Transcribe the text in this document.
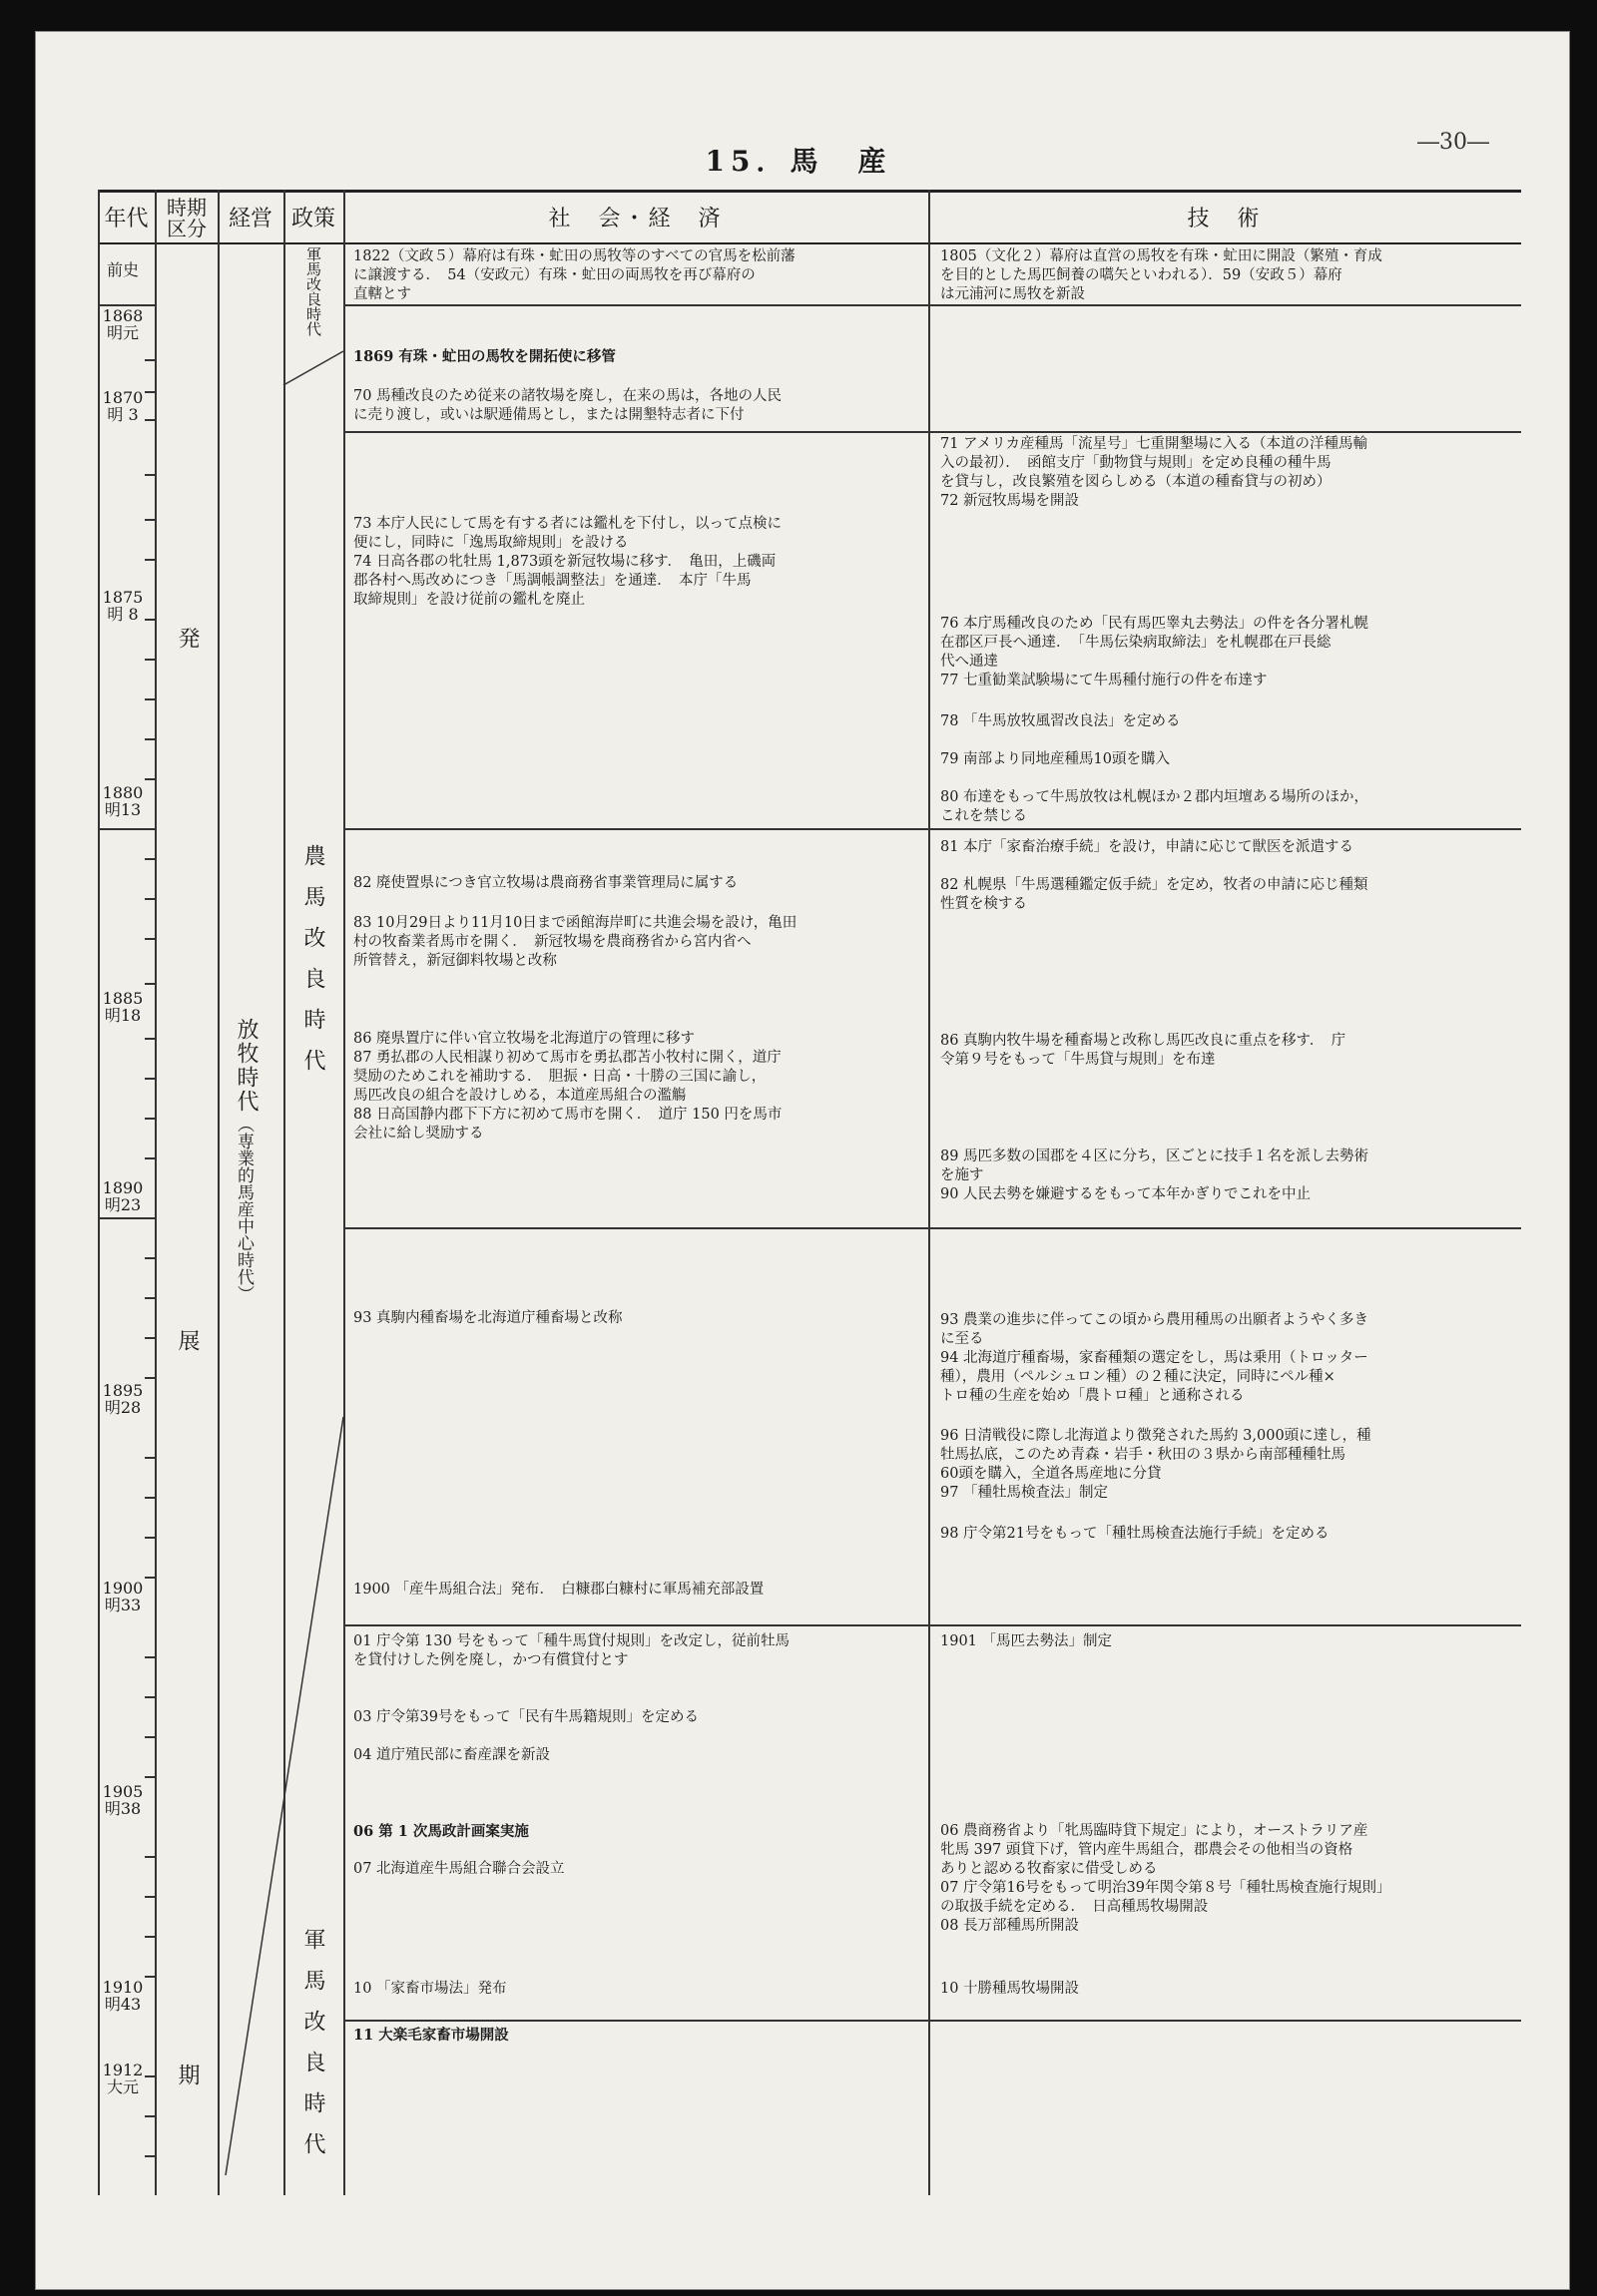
―30―
15．馬　産
年代 時期区分 経営 政策	社　会・経　済	技　術
前史
1868
明元
1870
明 3
1875
明 8
1880
明13
1885
明18
1890
明23
1895
明28
1900
明33
1905
明38
1910
明43
1912
大元
発
展
期
放牧時代
（専業的馬産中心時代）
軍馬改良時代
農馬改良時代
軍馬改良時代
1822（文政５）幕府は有珠・虻田の馬牧等のすべての官馬を松前藩
に譲渡する．　54（安政元）有珠・虻田の両馬牧を再び幕府の
直轄とす
1869 有珠・虻田の馬牧を開拓使に移管
70 馬種改良のため従来の諸牧場を廃し，在来の馬は，各地の人民
に売り渡し，或いは駅逓備馬とし，または開墾特志者に下付
73 本庁人民にして馬を有する者には鑑札を下付し，以って点検に
便にし，同時に「逸馬取締規則」を設ける
74 日高各郡の牝牡馬 1,873頭を新冠牧場に移す．　亀田，上磯両
郡各村へ馬改めにつき「馬調帳調整法」を通達．　本庁「牛馬
取締規則」を設け従前の鑑札を廃止
82 廃使置県につき官立牧場は農商務省事業管理局に属する
83 10月29日より11月10日まで函館海岸町に共進会場を設け，亀田
村の牧畜業者馬市を開く．　新冠牧場を農商務省から宮内省へ
所管替え，新冠御料牧場と改称
86 廃県置庁に伴い官立牧場を北海道庁の管理に移す
87 勇払郡の人民相謀り初めて馬市を勇払郡苫小牧村に開く，道庁
奨励のためこれを補助する．　胆振・日高・十勝の三国に諭し，
馬匹改良の組合を設けしめる，本道産馬組合の濫觴
88 日高国静内郡下下方に初めて馬市を開く．　道庁 150 円を馬市
会社に給し奨励する
93 真駒内種畜場を北海道庁種畜場と改称
1900 「産牛馬組合法」発布．　白糠郡白糠村に軍馬補充部設置
01 庁令第 130 号をもって「種牛馬貸付規則」を改定し，従前牡馬
を貸付けした例を廃し，かつ有償貸付とす
03 庁令第39号をもって「民有牛馬籍規則」を定める
04 道庁殖民部に畜産課を新設
06 第 1 次馬政計画案実施
07 北海道産牛馬組合聯合会設立
10 「家畜市場法」発布
11 大楽毛家畜市場開設
1805（文化２）幕府は直営の馬牧を有珠・虻田に開設（繁殖・育成
を目的とした馬匹飼養の嚆矢といわれる）．59（安政５）幕府
は元浦河に馬牧を新設
71 アメリカ産種馬「流星号」七重開墾場に入る（本道の洋種馬輸
入の最初）．　函館支庁「動物貸与規則」を定め良種の種牛馬
を貸与し，改良繁殖を図らしめる（本道の種畜貸与の初め）
72 新冠牧馬場を開設
76 本庁馬種改良のため「民有馬匹睾丸去勢法」の件を各分署札幌
在郡区戸長へ通達．　「牛馬伝染病取締法」を札幌郡在戸長総
代へ通達
77 七重勧業試験場にて牛馬種付施行の件を布達す
78 「牛馬放牧風習改良法」を定める
79 南部より同地産種馬10頭を購入
80 布達をもって牛馬放牧は札幌ほか２郡内垣壇ある場所のほか，
これを禁じる
81 本庁「家畜治療手続」を設け，申請に応じて獣医を派遣する
82 札幌県「牛馬選種鑑定仮手続」を定め，牧者の申請に応じ種類
性質を検する
86 真駒内牧牛場を種畜場と改称し馬匹改良に重点を移す．　庁
令第９号をもって「牛馬貸与規則」を布達
89 馬匹多数の国郡を４区に分ち，区ごとに技手１名を派し去勢術
を施す
90 人民去勢を嫌避するをもって本年かぎりでこれを中止
93 農業の進歩に伴ってこの頃から農用種馬の出願者ようやく多き
に至る
94 北海道庁種畜場，家畜種類の選定をし，馬は乗用（トロッター
種），農用（ペルシュロン種）の２種に決定，同時にペル種×
トロ種の生産を始め「農トロ種」と通称される
96 日清戦役に際し北海道より徴発された馬約 3,000頭に達し，種
牡馬払底，このため青森・岩手・秋田の３県から南部種種牡馬
60頭を購入，全道各馬産地に分貸
97 「種牡馬検査法」制定
98 庁令第21号をもって「種牡馬検査法施行手続」を定める
1901 「馬匹去勢法」制定
06 農商務省より「牝馬臨時貸下規定」により，オーストラリア産
牝馬 397 頭貸下げ，管内産牛馬組合，郡農会その他相当の資格
ありと認める牧畜家に借受しめる
07 庁令第16号をもって明治39年関令第８号「種牡馬検査施行規則」
の取扱手続を定める．　日高種馬牧場開設
08 長万部種馬所開設
10 十勝種馬牧場開設
